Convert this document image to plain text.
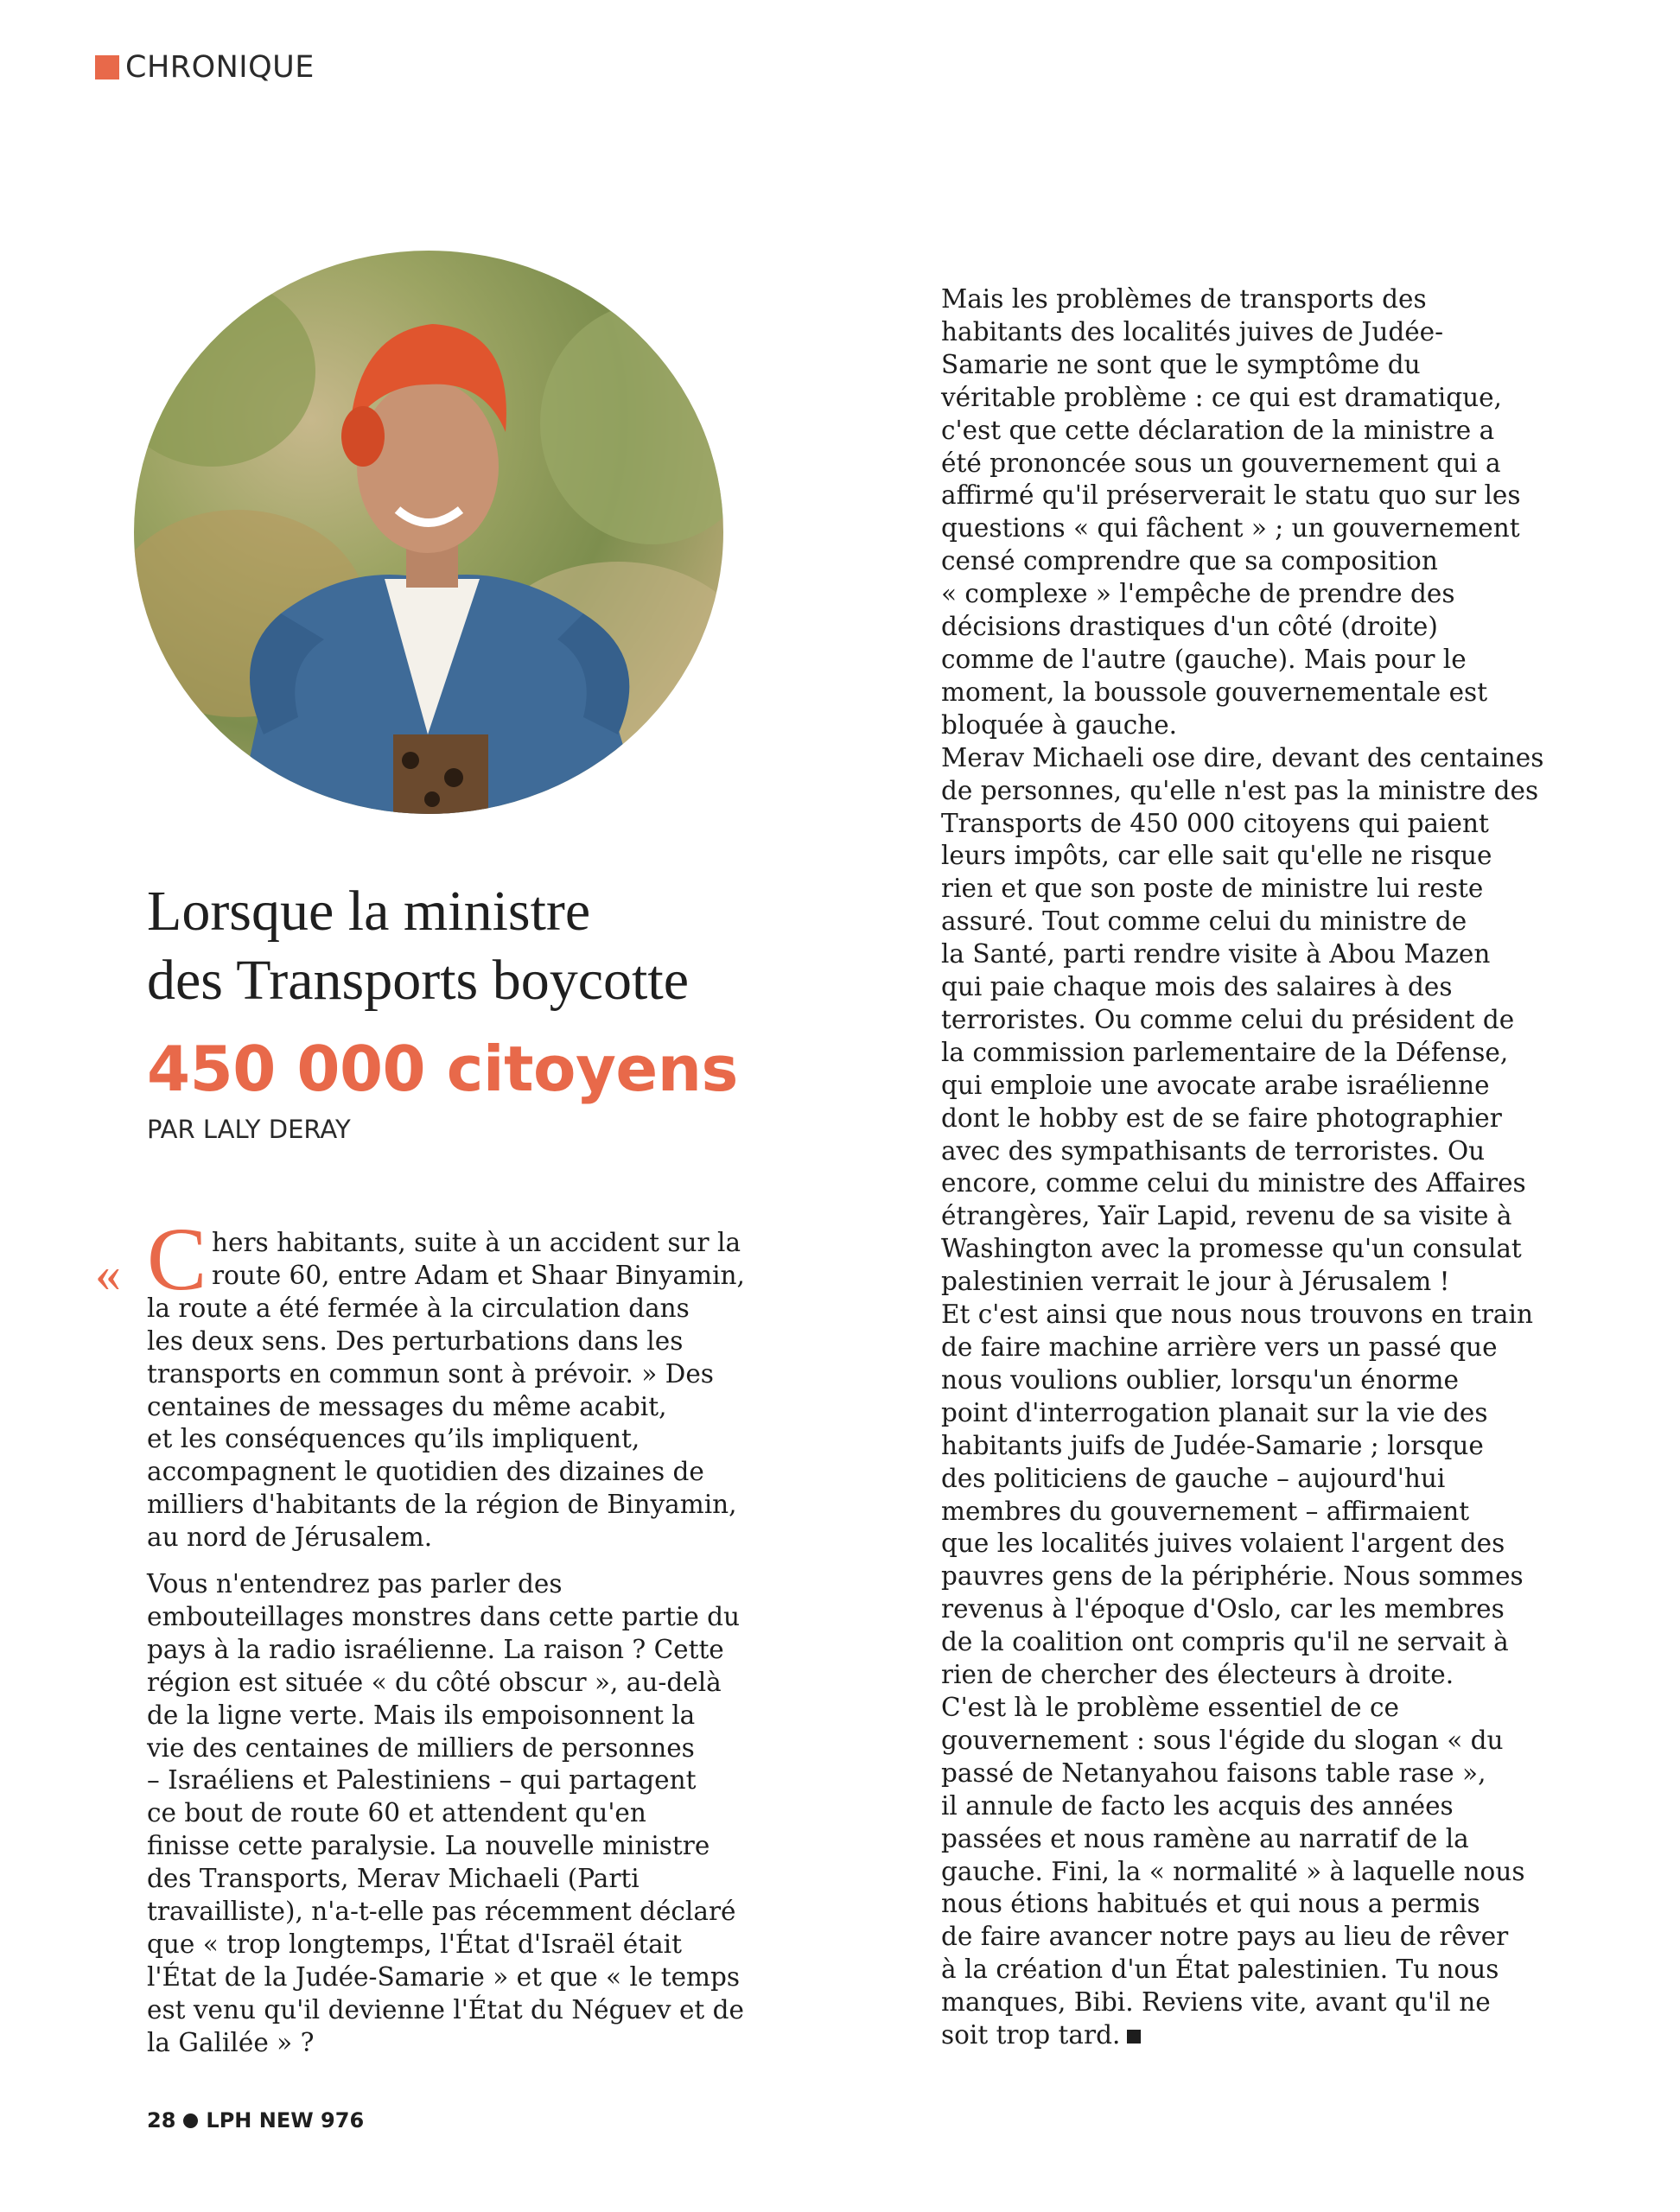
CHRONIQUE
Lorsque la ministre
des Transports boycotte
450 000 citoyens
PAR LALY DERAY
« C hers habitants, suite à un accident sur la
route 60, entre Adam et Shaar Binyamin,
la route a été fermée à la circulation dans
les deux sens. Des perturbations dans les
transports en commun sont à prévoir. » Des
centaines de messages du même acabit,
et les conséquences qu’ils impliquent,
accompagnent le quotidien des dizaines de
milliers d'habitants de la région de Binyamin,
au nord de Jérusalem.
Vous n'entendrez pas parler des
embouteillages monstres dans cette partie du
pays à la radio israélienne. La raison ? Cette
région est située « du côté obscur », au-delà
de la ligne verte. Mais ils empoisonnent la
vie des centaines de milliers de personnes
– Israéliens et Palestiniens – qui partagent
ce bout de route 60 et attendent qu'en
finisse cette paralysie. La nouvelle ministre
des Transports, Merav Michaeli (Parti
travailliste), n'a-t-elle pas récemment déclaré
que « trop longtemps, l'État d'Israël était
l'État de la Judée-Samarie » et que « le temps
est venu qu'il devienne l'État du Néguev et de
la Galilée » ?
Mais les problèmes de transports des
habitants des localités juives de Judée-
Samarie ne sont que le symptôme du
véritable problème : ce qui est dramatique,
c'est que cette déclaration de la ministre a
été prononcée sous un gouvernement qui a
affirmé qu'il préserverait le statu quo sur les
questions « qui fâchent » ; un gouvernement
censé comprendre que sa composition
« complexe » l'empêche de prendre des
décisions drastiques d'un côté (droite)
comme de l'autre (gauche). Mais pour le
moment, la boussole gouvernementale est
bloquée à gauche.
Merav Michaeli ose dire, devant des centaines
de personnes, qu'elle n'est pas la ministre des
Transports de 450 000 citoyens qui paient
leurs impôts, car elle sait qu'elle ne risque
rien et que son poste de ministre lui reste
assuré. Tout comme celui du ministre de
la Santé, parti rendre visite à Abou Mazen
qui paie chaque mois des salaires à des
terroristes. Ou comme celui du président de
la commission parlementaire de la Défense,
qui emploie une avocate arabe israélienne
dont le hobby est de se faire photographier
avec des sympathisants de terroristes. Ou
encore, comme celui du ministre des Affaires
étrangères, Yaïr Lapid, revenu de sa visite à
Washington avec la promesse qu'un consulat
palestinien verrait le jour à Jérusalem !
Et c'est ainsi que nous nous trouvons en train
de faire machine arrière vers un passé que
nous voulions oublier, lorsqu'un énorme
point d'interrogation planait sur la vie des
habitants juifs de Judée-Samarie ; lorsque
des politiciens de gauche – aujourd'hui
membres du gouvernement – affirmaient
que les localités juives volaient l'argent des
pauvres gens de la périphérie. Nous sommes
revenus à l'époque d'Oslo, car les membres
de la coalition ont compris qu'il ne servait à
rien de chercher des électeurs à droite.
C'est là le problème essentiel de ce
gouvernement : sous l'égide du slogan « du
passé de Netanyahou faisons table rase »,
il annule de facto les acquis des années
passées et nous ramène au narratif de la
gauche. Fini, la « normalité » à laquelle nous
nous étions habitués et qui nous a permis
de faire avancer notre pays au lieu de rêver
à la création d'un État palestinien. Tu nous
manques, Bibi. Reviens vite, avant qu'il ne
soit trop tard.
28 LPH NEW 976
